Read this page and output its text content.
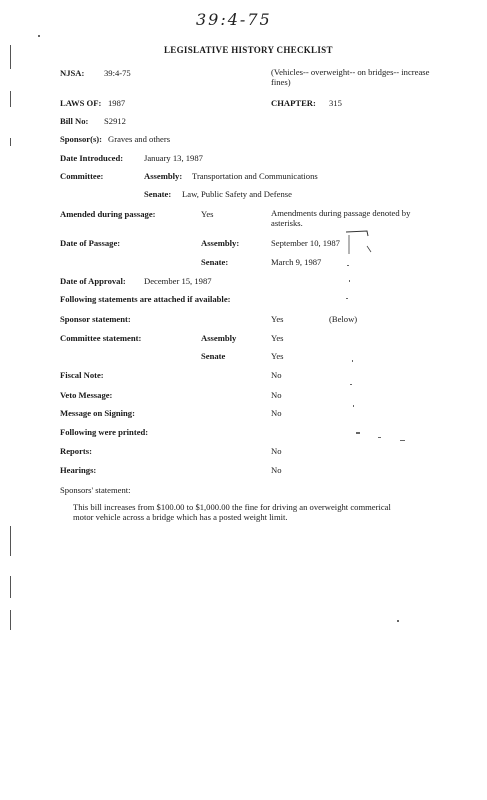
39:4-75
LEGISLATIVE HISTORY CHECKLIST
NJSA: 39:4-75	(Vehicles-- overweight-- on bridges-- increase fines)
LAWS OF: 1987	CHAPTER: 315
Bill No: S2912
Sponsor(s): Graves and others
Date Introduced: January 13, 1987
Committee:	Assembly: Transportation and Communications
Senate: Law, Public Safety and Defense
Amended during passage:	Yes	Amendments during passage denoted by asterisks.
Date of Passage:	Assembly:	September 10, 1987
Senate:	March 9, 1987
Date of Approval: December 15, 1987
Following statements are attached if available:
Sponsor statement:	Yes	(Below)
Committee statement:	Assembly	Yes
Senate	Yes
Fiscal Note:	No
Veto Message:	No
Message on Signing:	No
Following were printed:
Reports:	No
Hearings:	No
Sponsors' statement:
This bill increases from $100.00 to $1,000.00 the fine for driving an overweight commerical motor vehicle across a bridge which has a posted weight limit.
